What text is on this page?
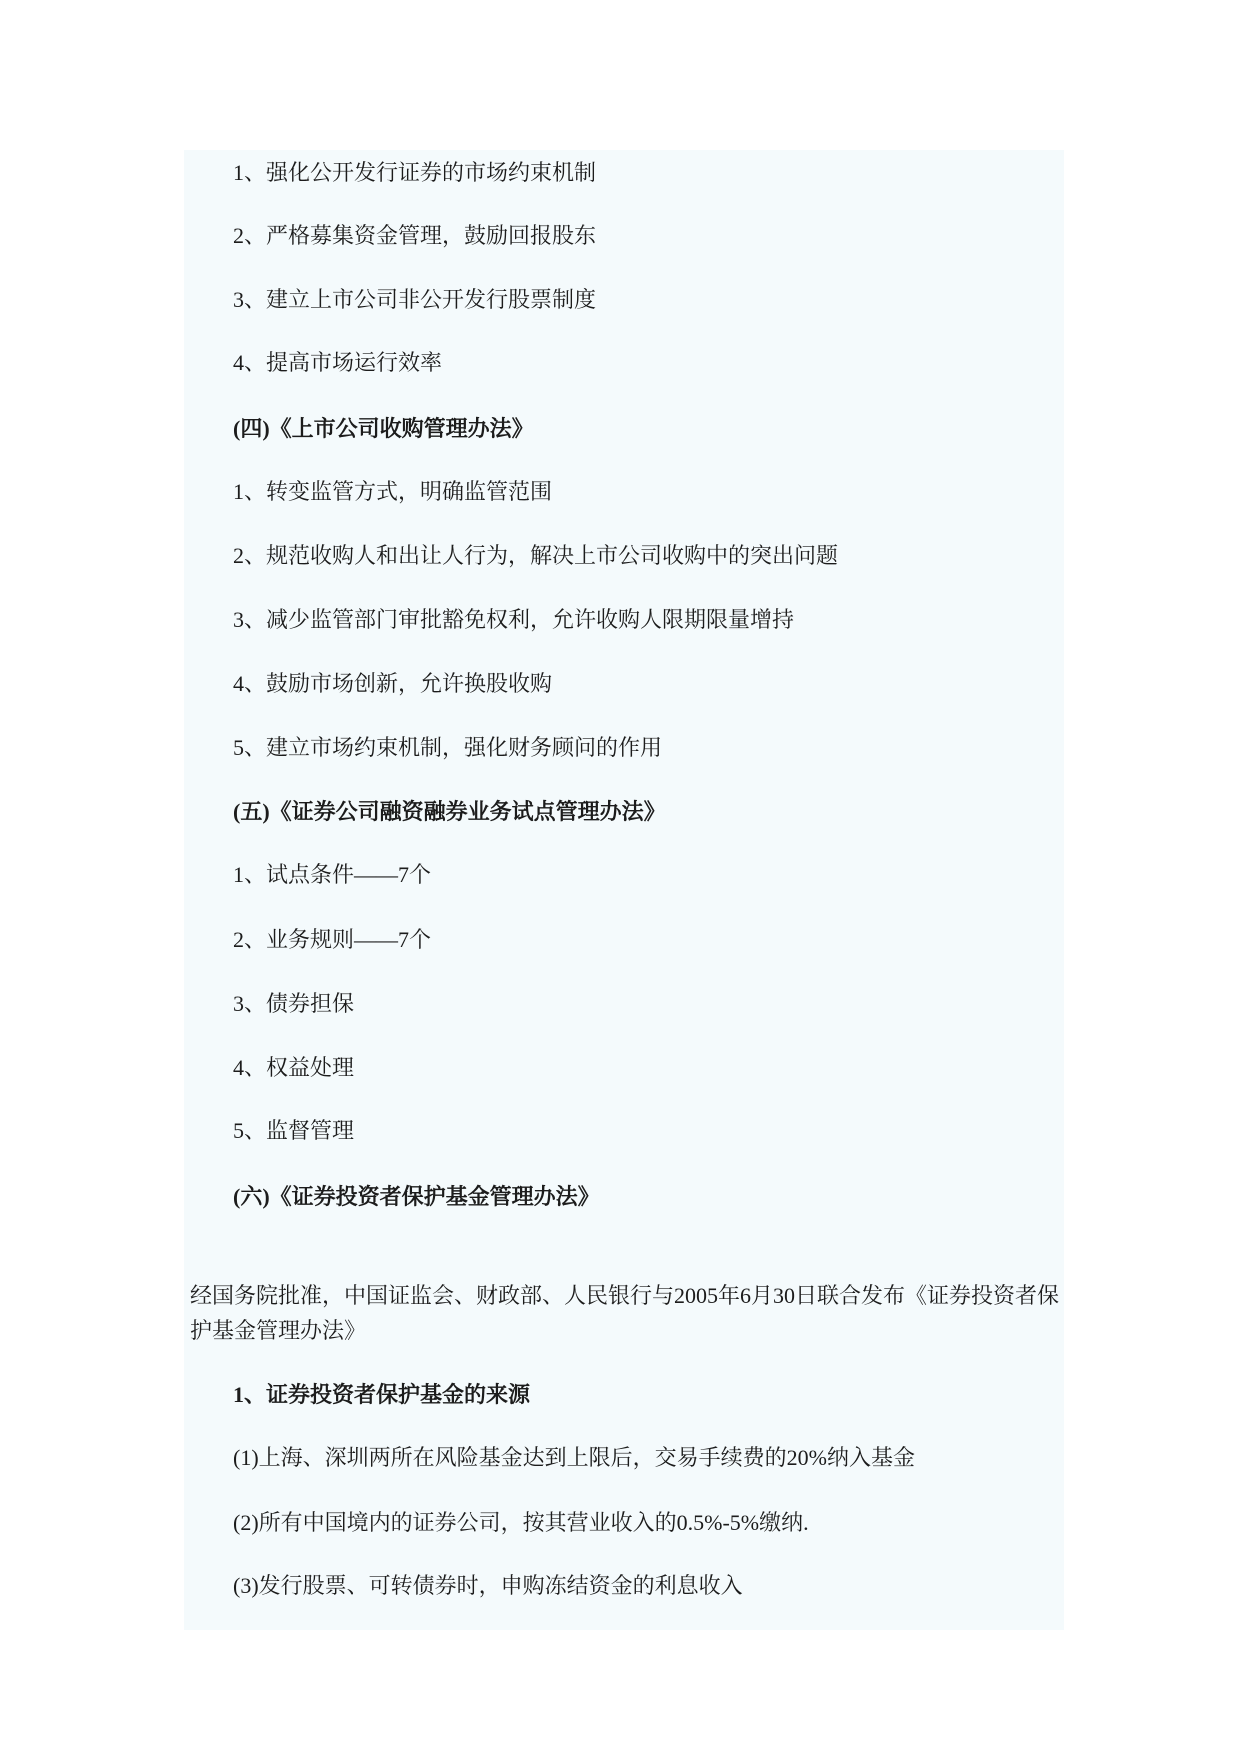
1、强化公开发行证券的市场约束机制
2、严格募集资金管理，鼓励回报股东
3、建立上市公司非公开发行股票制度
4、提高市场运行效率
(四)《上市公司收购管理办法》
1、转变监管方式，明确监管范围
2、规范收购人和出让人行为，解决上市公司收购中的突出问题
3、减少监管部门审批豁免权利，允许收购人限期限量增持
4、鼓励市场创新，允许换股收购
5、建立市场约束机制，强化财务顾问的作用
(五)《证券公司融资融券业务试点管理办法》
1、试点条件——7个
2、业务规则——7个
3、债券担保
4、权益处理
5、监督管理
(六)《证券投资者保护基金管理办法》
经国务院批准，中国证监会、财政部、人民银行与2005年6月30日联合发布《证券投资者保护基金管理办法》
1、证券投资者保护基金的来源
(1)上海、深圳两所在风险基金达到上限后，交易手续费的20%纳入基金
(2)所有中国境内的证券公司，按其营业收入的0.5%-5%缴纳.
(3)发行股票、可转债券时，申购冻结资金的利息收入
